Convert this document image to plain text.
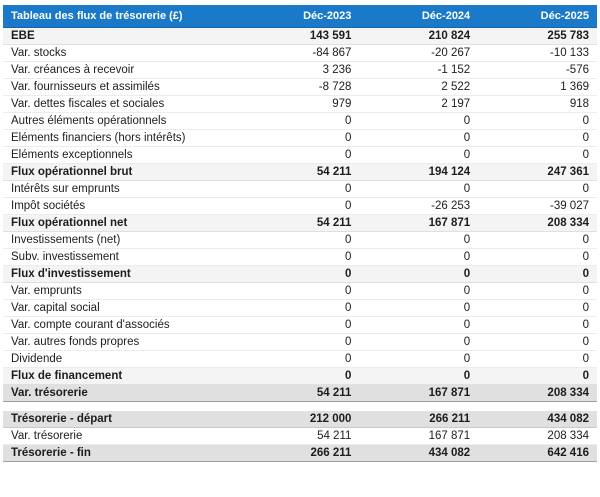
Tableau des flux de trésorerie (£)	Déc-2023	Déc-2024	Déc-2025
EBE	143 591	210 824	255 783
Var. stocks	-84 867	-20 267	-10 133
Var. créances à recevoir	3 236	-1 152	-576
Var. fournisseurs et assimilés	-8 728	2 522	1 369
Var. dettes fiscales et sociales	979	2 197	918
Autres éléments opérationnels	0	0	0
Eléments financiers (hors intérêts)	0	0	0
Eléments exceptionnels	0	0	0
Flux opérationnel brut	54 211	194 124	247 361
Intérêts sur emprunts	0	0	0
Impôt sociétés	0	-26 253	-39 027
Flux opérationnel net	54 211	167 871	208 334
Investissements (net)	0	0	0
Subv. investissement	0	0	0
Flux d'investissement	0	0	0
Var. emprunts	0	0	0
Var. capital social	0	0	0
Var. compte courant d'associés	0	0	0
Var. autres fonds propres	0	0	0
Dividende	0	0	0
Flux de financement	0	0	0
Var. trésorerie	54 211	167 871	208 334
Trésorerie - départ	212 000	266 211	434 082
Var. trésorerie	54 211	167 871	208 334
Trésorerie - fin	266 211	434 082	642 416
